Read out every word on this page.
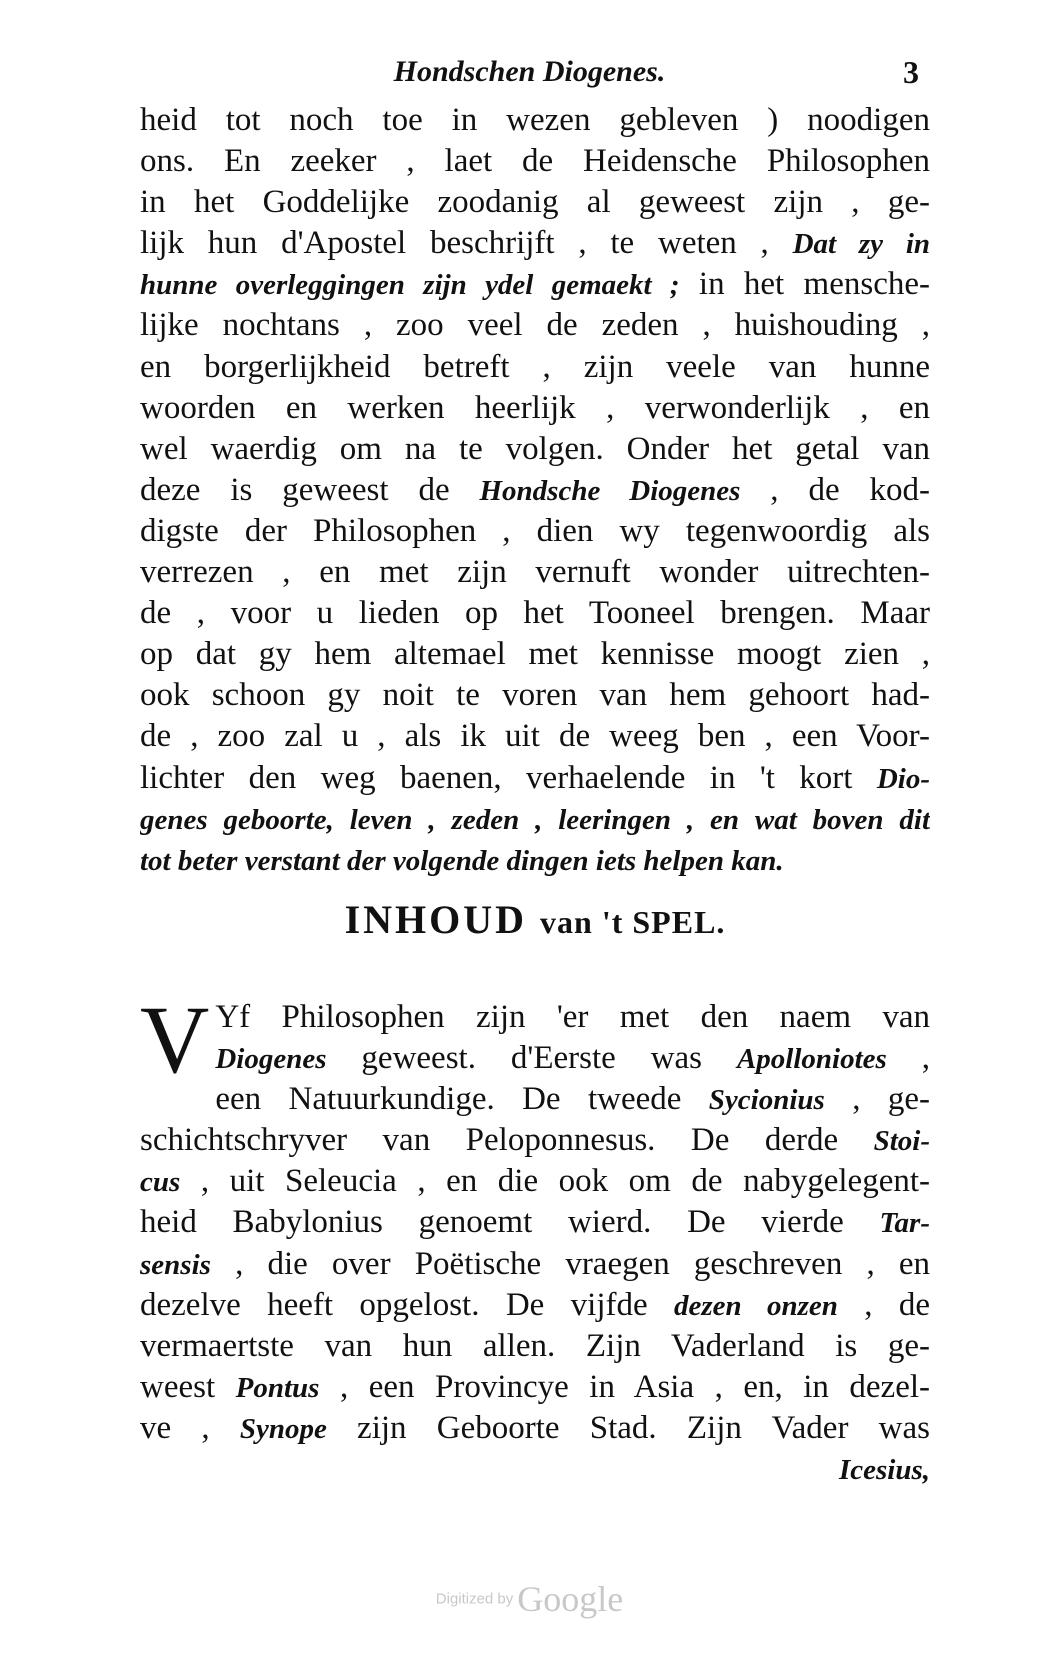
Hondschen Diogenes.	3
heid tot noch toe in wezen gebleven ) noodigen
ons. En zeeker , laet de Heidensche Philosophen
in het Goddelijke zoodanig al geweest zijn , ge-
lijk hun d'Apostel beschrijft , te weten , Dat zy in
hunne overleggingen zijn ydel gemaekt ; in het mensche-
lijke nochtans , zoo veel de zeden , huishouding ,
en borgerlijkheid betreft , zijn veele van hunne
woorden en werken heerlijk , verwonderlijk , en
wel waerdig om na te volgen. Onder het getal van
deze is geweest de Hondsche Diogenes , de kod-
digste der Philosophen , dien wy tegenwoordig als
verrezen , en met zijn vernuft wonder uitrechten-
de , voor u lieden op het Tooneel brengen. Maar
op dat gy hem altemael met kennisse moogt zien ,
ook schoon gy noit te voren van hem gehoort had-
de , zoo zal u , als ik uit de weeg ben , een Voor-
lichter den weg baenen, verhaelende in 't kort Dio-
genes geboorte, leven , zeden , leeringen , en wat boven dit
tot beter verstant der volgende dingen iets helpen kan.
INHOUD van 't SPEL.
V Yf Philosophen zijn 'er met den naem van
Diogenes geweest. d'Eerste was Apolloniotes ,
een Natuurkundige. De tweede Sycionius , ge-
schichtschryver van Peloponnesus. De derde Stoi-
cus , uit Seleucia , en die ook om de nabygelegent-
heid Babylonius genoemt wierd. De vierde Tar-
sensis , die over Poëtische vraegen geschreven , en
dezelve heeft opgelost. De vijfde dezen onzen , de
vermaertste van hun allen. Zijn Vaderland is ge-
weest Pontus , een Provincye in Asia , en, in dezel-
ve , Synope zijn Geboorte Stad. Zijn Vader was
Icesius,
Digitized by Google
